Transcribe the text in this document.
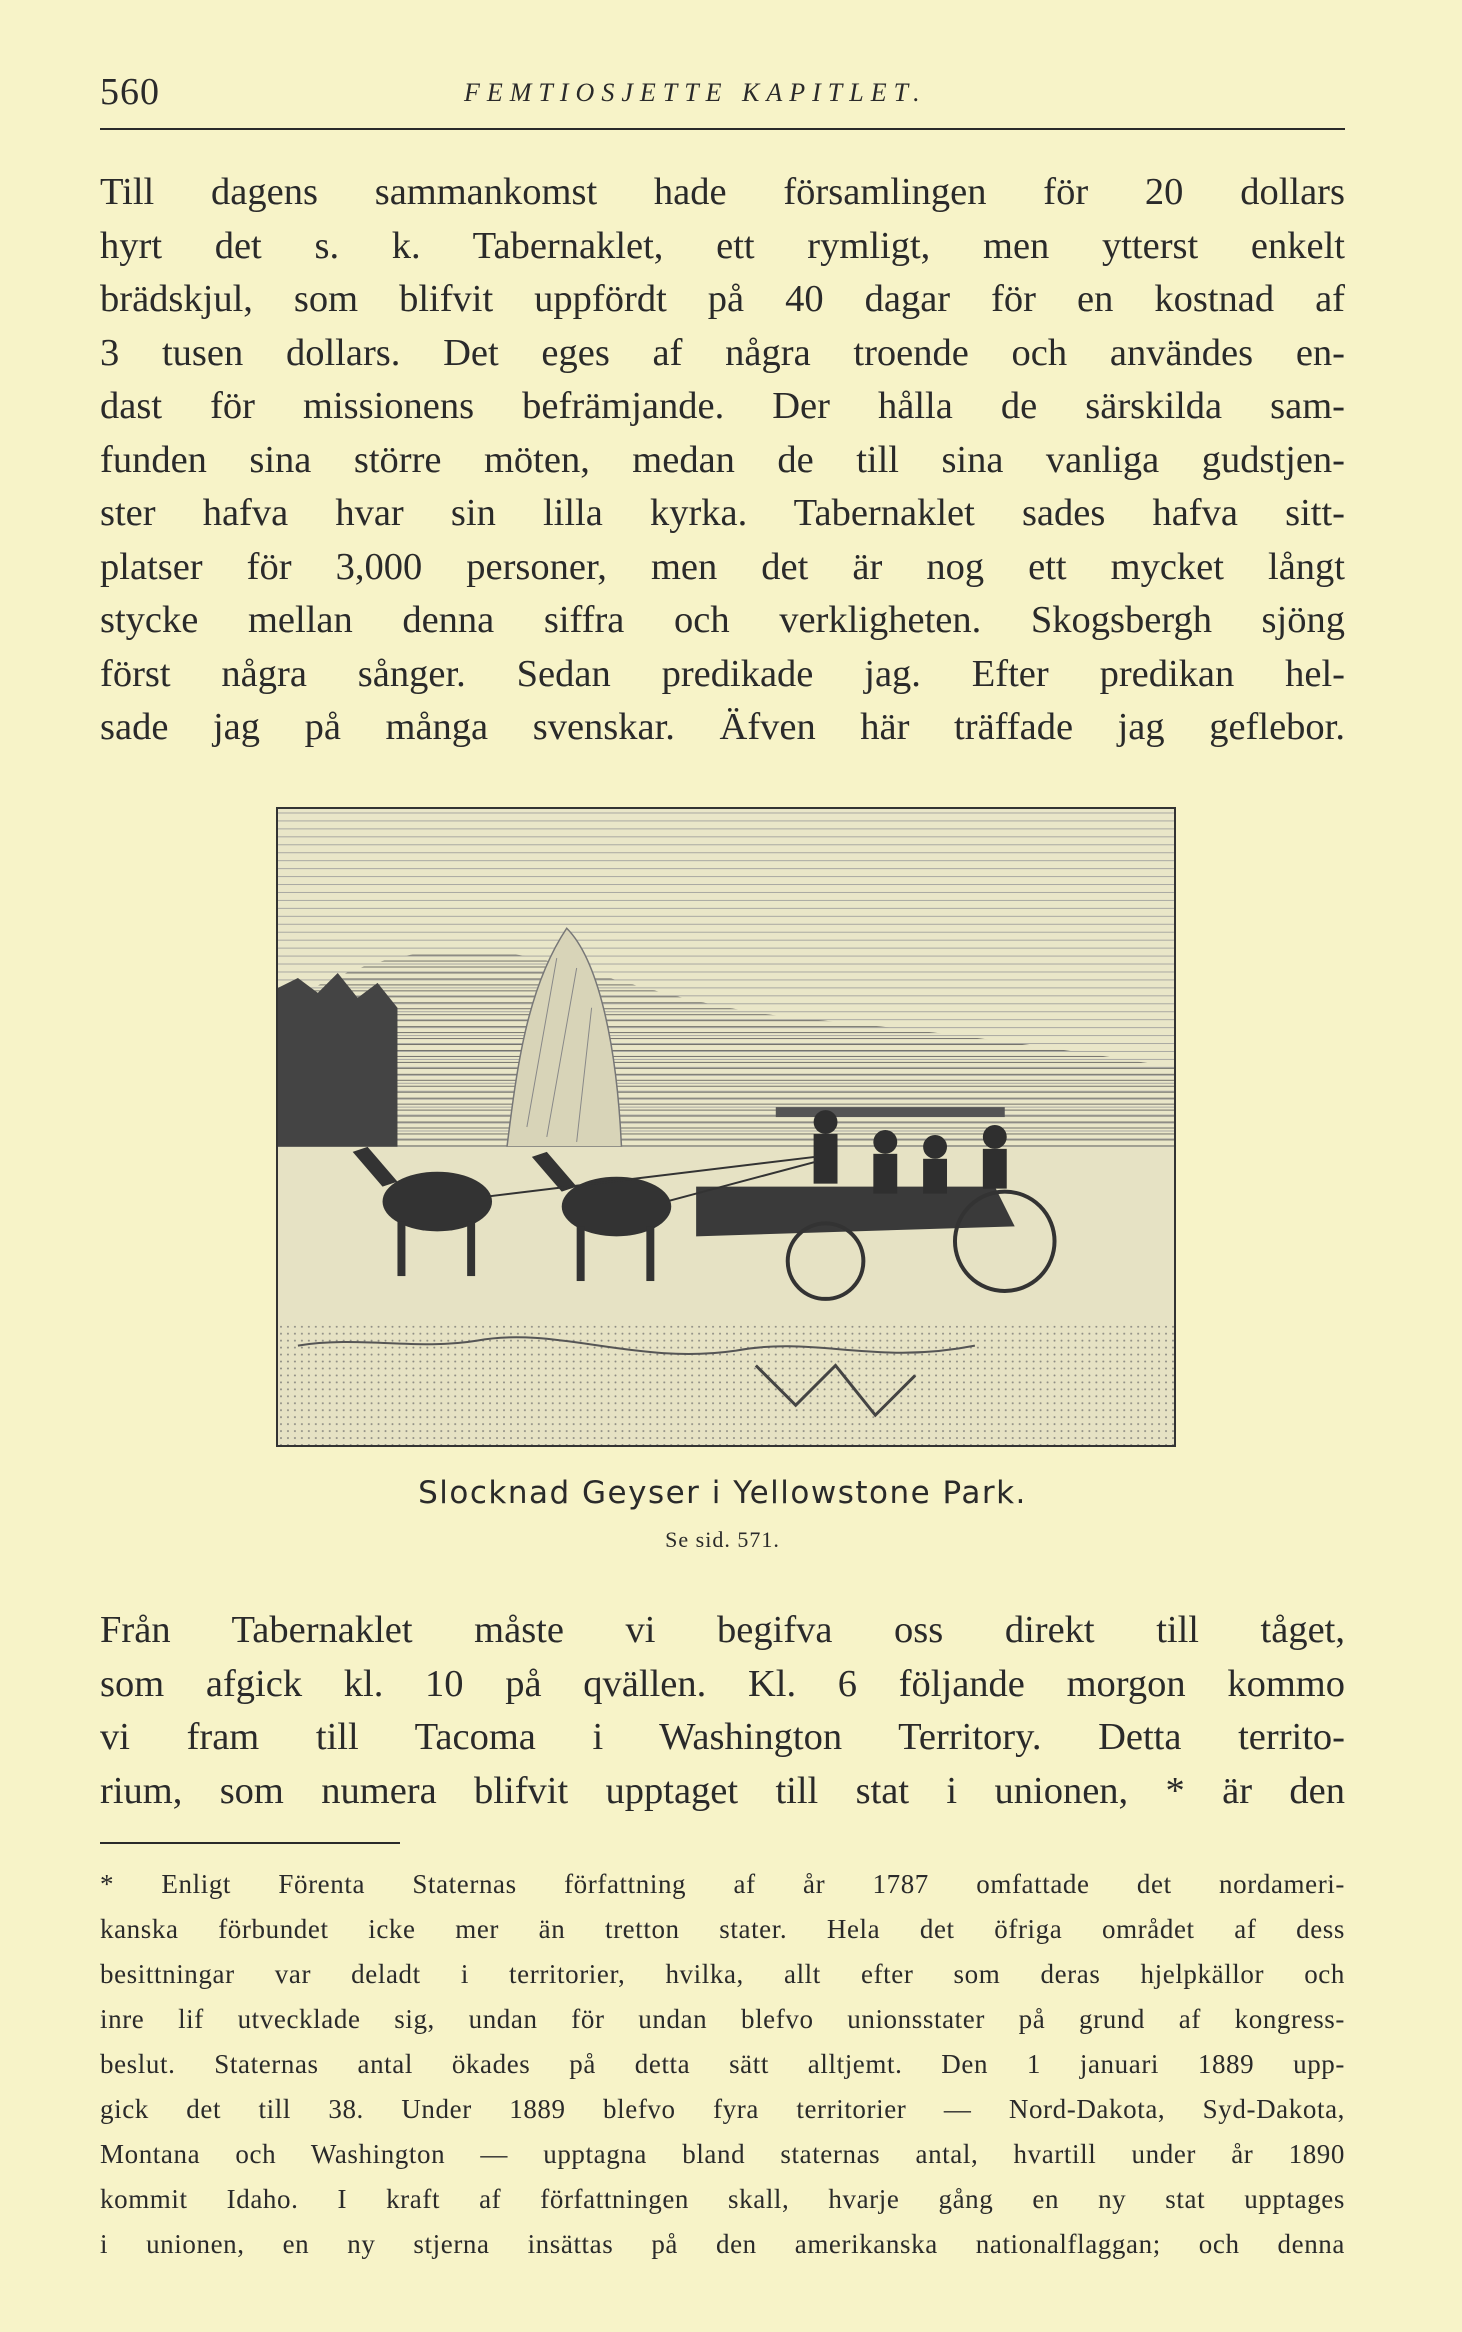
560	FEMTIOSJETTE KAPITLET.
Till dagens sammankomst hade församlingen för 20 dollars
hyrt det s. k. Tabernaklet, ett rymligt, men ytterst enkelt
brädskjul, som blifvit uppfördt på 40 dagar för en kostnad af
3 tusen dollars. Det eges af några troende och användes en-
dast för missionens befrämjande. Der hålla de särskilda sam-
funden sina större möten, medan de till sina vanliga gudstjen-
ster hafva hvar sin lilla kyrka. Tabernaklet sades hafva sitt-
platser för 3,000 personer, men det är nog ett mycket långt
stycke mellan denna siffra och verkligheten. Skogsbergh sjöng
först några sånger. Sedan predikade jag. Efter predikan hel-
sade jag på många svenskar. Äfven här träffade jag geflebor.
Slocknad Geyser i Yellowstone Park.
Se sid. 571.
Från Tabernaklet måste vi begifva oss direkt till tåget,
som afgick kl. 10 på qvällen. Kl. 6 följande morgon kommo
vi fram till Tacoma i Washington Territory. Detta territo-
rium, som numera blifvit upptaget till stat i unionen, * är den
* Enligt Förenta Staternas författning af år 1787 omfattade det nordameri-
kanska förbundet icke mer än tretton stater. Hela det öfriga området af dess
besittningar var deladt i territorier, hvilka, allt efter som deras hjelpkällor och
inre lif utvecklade sig, undan för undan blefvo unionsstater på grund af kongress-
beslut. Staternas antal ökades på detta sätt alltjemt. Den 1 januari 1889 upp-
gick det till 38. Under 1889 blefvo fyra territorier — Nord-Dakota, Syd-Dakota,
Montana och Washington — upptagna bland staternas antal, hvartill under år 1890
kommit Idaho. I kraft af författningen skall, hvarje gång en ny stat upptages
i unionen, en ny stjerna insättas på den amerikanska nationalflaggan; och denna
